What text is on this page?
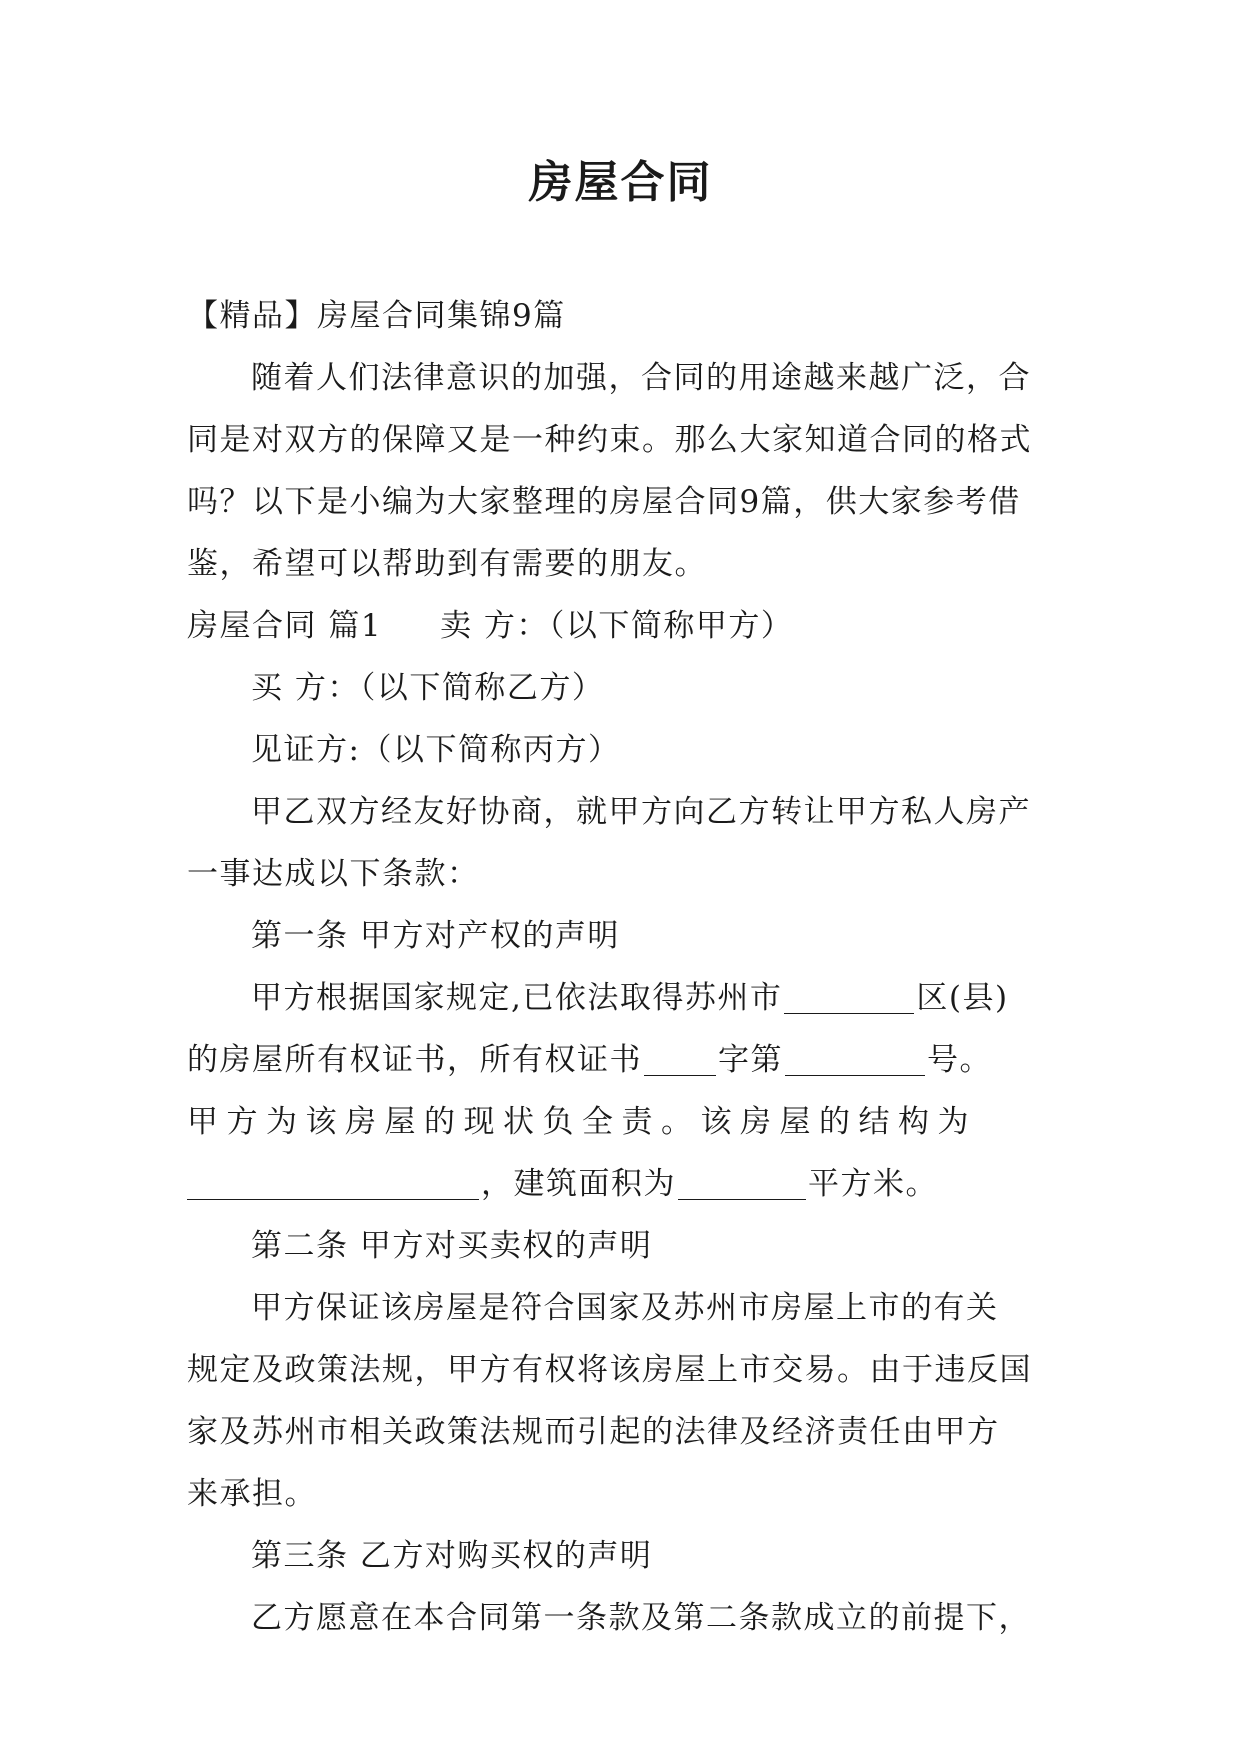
房屋合同
【精品】房屋合同集锦9篇
随着人们法律意识的加强，合同的用途越来越广泛，合
同是对双方的保障又是一种约束。那么大家知道合同的格式
吗？以下是小编为大家整理的房屋合同9篇，供大家参考借
鉴，希望可以帮助到有需要的朋友。
房屋合同 篇1 卖 方：（以下简称甲方）
买 方：（以下简称乙方）
见证方:（以下简称丙方）
甲乙双方经友好协商，就甲方向乙方转让甲方私人房产
一事达成以下条款：
第一条 甲方对产权的声明
甲方根据国家规定,已依法取得苏州市	区(县)
的房屋所有权证书，所有权证书 字第	号。
甲方为该房屋的现状负全责。该房屋的结构为
，建筑面积为	平方米。
第二条 甲方对买卖权的声明
甲方保证该房屋是符合国家及苏州市房屋上市的有关
规定及政策法规，甲方有权将该房屋上市交易。由于违反国
家及苏州市相关政策法规而引起的法律及经济责任由甲方
来承担。
第三条 乙方对购买权的声明
乙方愿意在本合同第一条款及第二条款成立的前提下，
